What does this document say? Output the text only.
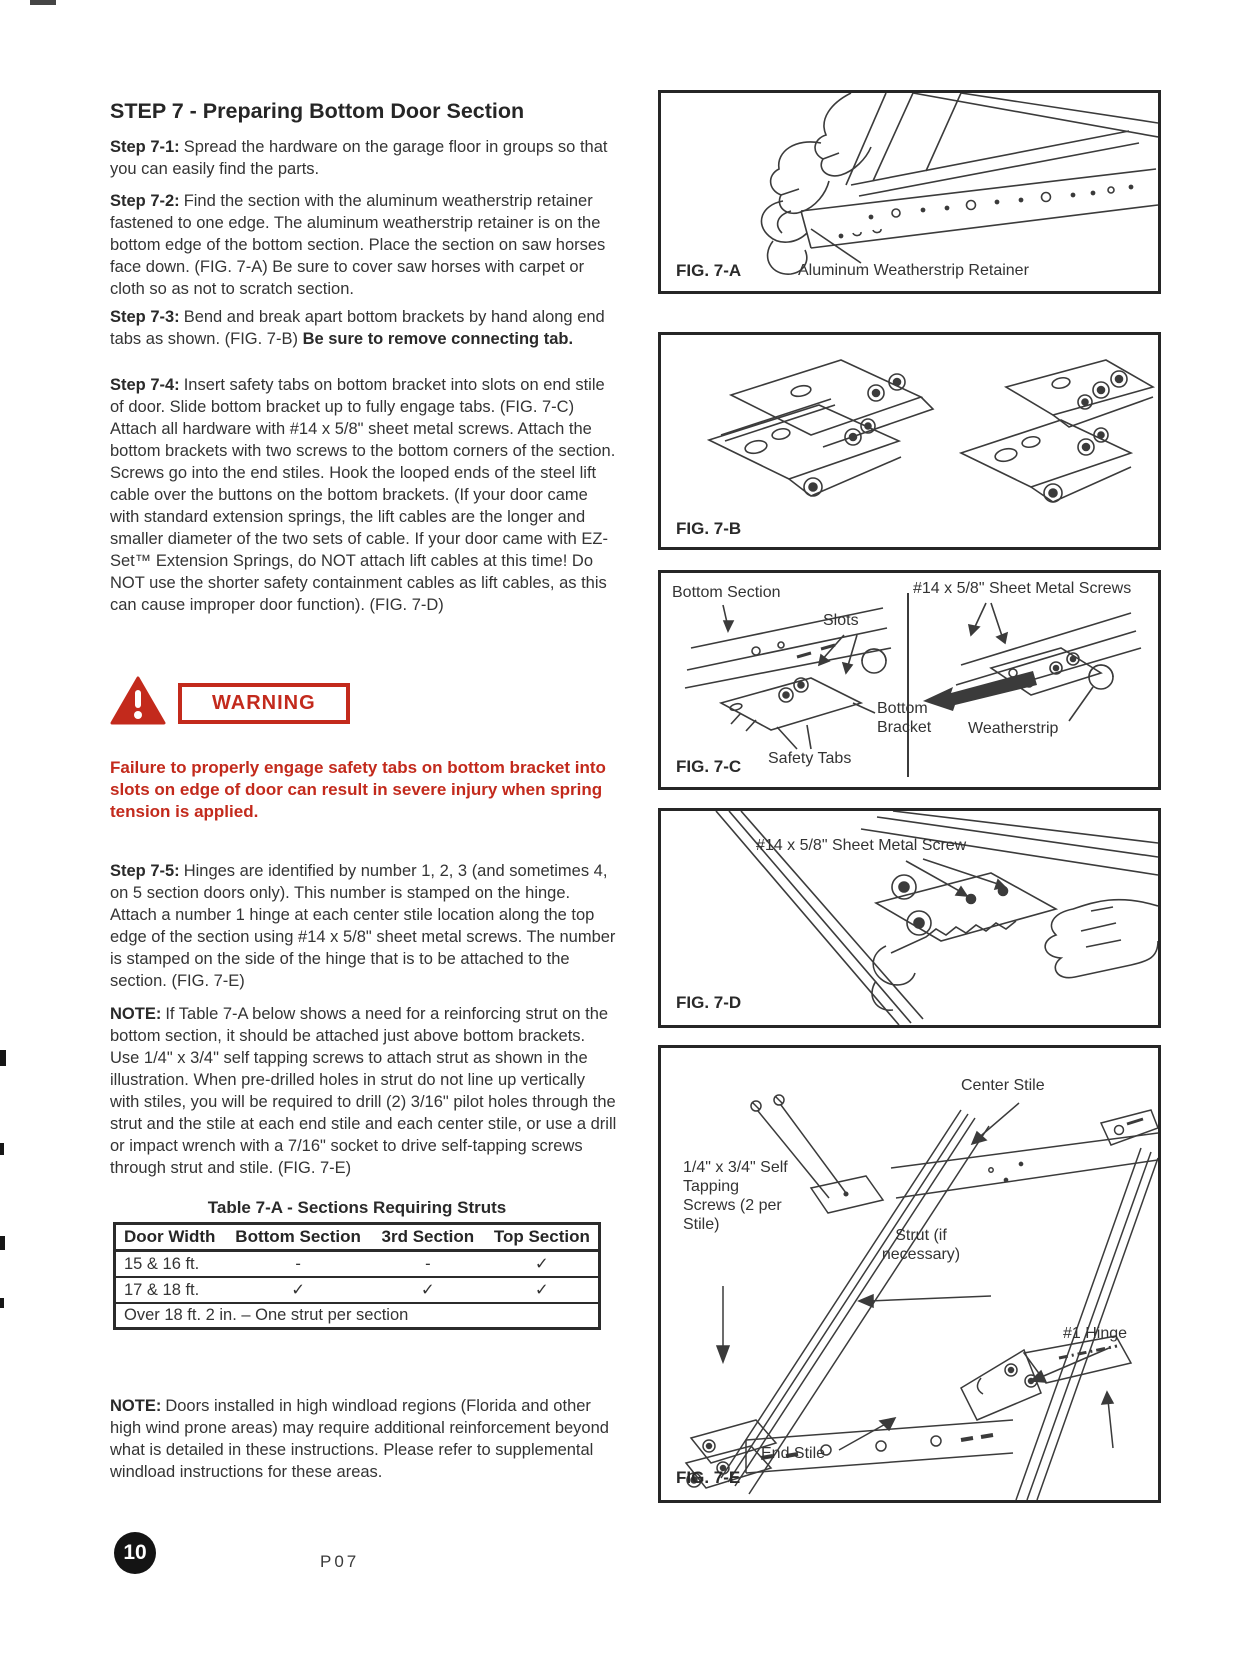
STEP 7 - Preparing Bottom Door Section

Step 7-1: Spread the hardware on the garage floor in groups so that you can easily find the parts.

Step 7-2: Find the section with the aluminum weatherstrip retainer fastened to one edge. The aluminum weatherstrip retainer is on the bottom edge of the bottom section. Place the section on saw horses face down. (FIG. 7-A) Be sure to cover saw horses with carpet or cloth so as not to scratch section.

Step 7-3: Bend and break apart bottom brackets by hand along end tabs as shown. (FIG. 7-B) Be sure to remove connecting tab.

Step 7-4: Insert safety tabs on bottom bracket into slots on end stile of door. Slide bottom bracket up to fully engage tabs. (FIG. 7-C) Attach all hardware with #14 x 5/8" sheet metal screws. Attach the bottom brackets with two screws to the bottom corners of the section. Screws go into the end stiles. Hook the looped ends of the steel lift cable over the buttons on the bottom brackets. (If your door came with standard extension springs, the lift cables are the longer and smaller diameter of the two sets of cable. If your door came with EZ-Set™ Extension Springs, do NOT attach lift cables at this time! Do NOT use the shorter safety containment cables as lift cables, as this can cause improper door function). (FIG. 7-D)

WARNING

Failure to properly engage safety tabs on bottom bracket into slots on edge of door can result in severe injury when spring tension is applied.

Step 7-5: Hinges are identified by number 1, 2, 3 (and sometimes 4, on 5 section doors only). This number is stamped on the hinge. Attach a number 1 hinge at each center stile location along the top edge of the section using #14 x 5/8" sheet metal screws. The number is stamped on the side of the hinge that is to be attached to the section. (FIG. 7-E)

NOTE: If Table 7-A below shows a need for a reinforcing strut on the bottom section, it should be attached just above bottom brackets. Use 1/4" x 3/4" self tapping screws to attach strut as shown in the illustration. When pre-drilled holes in strut do not line up vertically with stiles, you will be required to drill (2) 3/16" pilot holes through the strut and the stile at each end stile and each center stile, or use a drill or impact wrench with a 7/16" socket to drive self-tapping screws through strut and stile. (FIG. 7-E)

Table 7-A - Sections Requiring Struts
Door Width	Bottom Section	3rd Section	Top Section
15 & 16 ft.	-	-	✓
17 & 18 ft.	✓	✓	✓
Over 18 ft. 2 in. – One strut per section			

NOTE: Doors installed in high windload regions (Florida and other high wind prone areas) may require additional reinforcement beyond what is detailed in these instructions. Please refer to supplemental windload instructions for these areas.

10	P07
FIG. 7-A	Aluminum Weatherstrip Retainer
FIG. 7-B
Bottom Section	#14 x 5/8" Sheet Metal Screws
Slots
Bottom Bracket
Safety Tabs
Weatherstrip
FIG. 7-C
#14 x 5/8" Sheet Metal Screw
FIG. 7-D
Center Stile
1/4" x 3/4" Self Tapping Screws (2 per Stile)
Strut (if necessary)
#1 Hinge
End Stile
FIG. 7-E
